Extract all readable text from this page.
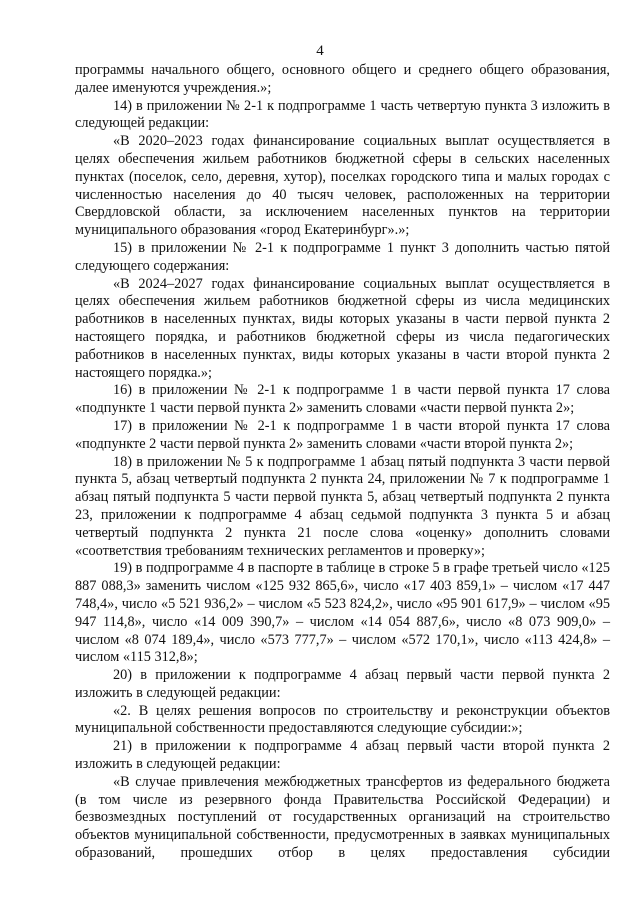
4

программы начального общего, основного общего и среднего общего образования, далее именуются учреждения.»;

14) в приложении № 2-1 к подпрограмме 1 часть четвертую пункта 3 изложить в следующей редакции:

«В 2020–2023 годах финансирование социальных выплат осуществляется в целях обеспечения жильем работников бюджетной сферы в сельских населенных пунктах (поселок, село, деревня, хутор), поселках городского типа и малых городах с численностью населения до 40 тысяч человек, расположенных на территории Свердловской области, за исключением населенных пунктов на территории муниципального образования «город Екатеринбург».»;

15) в приложении № 2-1 к подпрограмме 1 пункт 3 дополнить частью пятой следующего содержания:

«В 2024–2027 годах финансирование социальных выплат осуществляется в целях обеспечения жильем работников бюджетной сферы из числа медицинских работников в населенных пунктах, виды которых указаны в части первой пункта 2 настоящего порядка, и работников бюджетной сферы из числа педагогических работников в населенных пунктах, виды которых указаны в части второй пункта 2 настоящего порядка.»;

16) в приложении № 2-1 к подпрограмме 1 в части первой пункта 17 слова «подпункте 1 части первой пункта 2» заменить словами «части первой пункта 2»;

17) в приложении № 2-1 к подпрограмме 1 в части второй пункта 17 слова «подпункте 2 части первой пункта 2» заменить словами «части второй пункта 2»;

18) в приложении № 5 к подпрограмме 1 абзац пятый подпункта 3 части первой пункта 5, абзац четвертый подпункта 2 пункта 24, приложении № 7 к подпрограмме 1 абзац пятый подпункта 5 части первой пункта 5, абзац четвертый подпункта 2 пункта 23, приложении к подпрограмме 4 абзац седьмой подпункта 3 пункта 5 и абзац четвертый подпункта 2 пункта 21 после слова «оценку» дополнить словами «соответствия требованиям технических регламентов и проверку»;

19) в подпрограмме 4 в паспорте в таблице в строке 5 в графе третьей число «125 887 088,3» заменить числом «125 932 865,6», число «17 403 859,1» – числом «17 447 748,4», число «5 521 936,2» – числом «5 523 824,2», число «95 901 617,9» – числом «95 947 114,8», число «14 009 390,7» – числом «14 054 887,6», число «8 073 909,0» – числом «8 074 189,4», число «573 777,7» – числом «572 170,1», число «113 424,8» – числом «115 312,8»;

20) в приложении к подпрограмме 4 абзац первый части первой пункта 2 изложить в следующей редакции:

«2. В целях решения вопросов по строительству и реконструкции объектов муниципальной собственности предоставляются следующие субсидии:»;

21) в приложении к подпрограмме 4 абзац первый части второй пункта 2 изложить в следующей редакции:

«В случае привлечения межбюджетных трансфертов из федерального бюджета (в том числе из резервного фонда Правительства Российской Федерации) и безвозмездных поступлений от государственных организаций на строительство объектов муниципальной собственности, предусмотренных в заявках муниципальных образований, прошедших отбор в целях предоставления субсидии
